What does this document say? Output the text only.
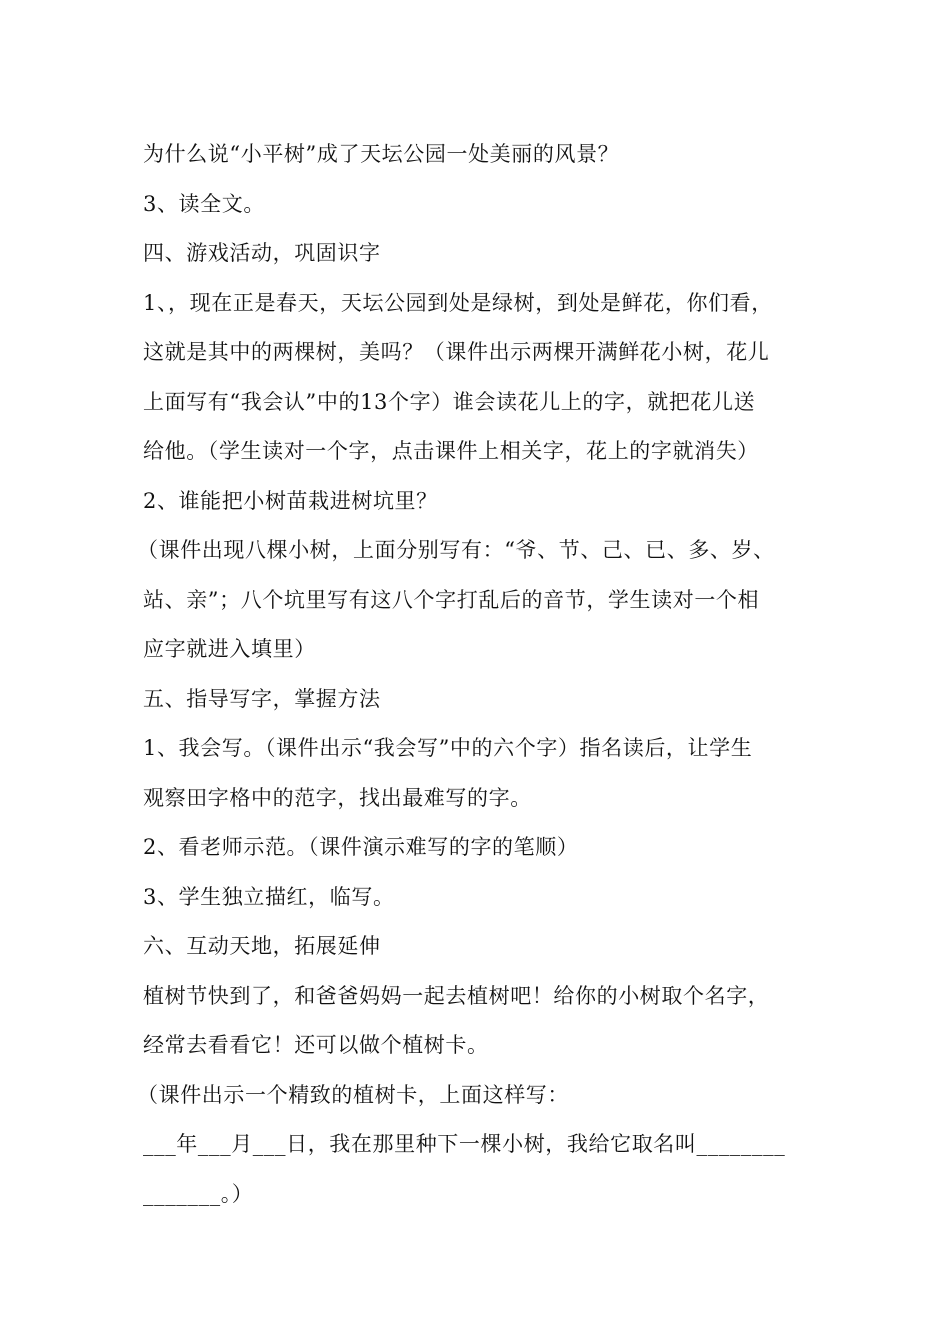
为什么说“小平树”成了天坛公园一处美丽的风景？
3、读全文。
四、游戏活动，巩固识字
1、，现在正是春天，天坛公园到处是绿树，到处是鲜花，你们看，
这就是其中的两棵树，美吗？（课件出示两棵开满鲜花小树，花儿
上面写有“我会认”中的13个字）谁会读花儿上的字，就把花儿送
给他。（学生读对一个字，点击课件上相关字，花上的字就消失）
2、谁能把小树苗栽进树坑里？
（课件出现八棵小树，上面分别写有：“爷、节、己、已、多、岁、
站、亲”；八个坑里写有这八个字打乱后的音节，学生读对一个相
应字就进入填里）
五、指导写字，掌握方法
1、我会写。（课件出示“我会写”中的六个字）指名读后，让学生
观察田字格中的范字，找出最难写的字。
2、看老师示范。（课件演示难写的字的笔顺）
3、学生独立描红，临写。
六、互动天地，拓展延伸
植树节快到了，和爸爸妈妈一起去植树吧！给你的小树取个名字，
经常去看看它！还可以做个植树卡。
（课件出示一个精致的植树卡，上面这样写：
___年___月___日，我在那里种下一棵小树，我给它取名叫________
_______。）
